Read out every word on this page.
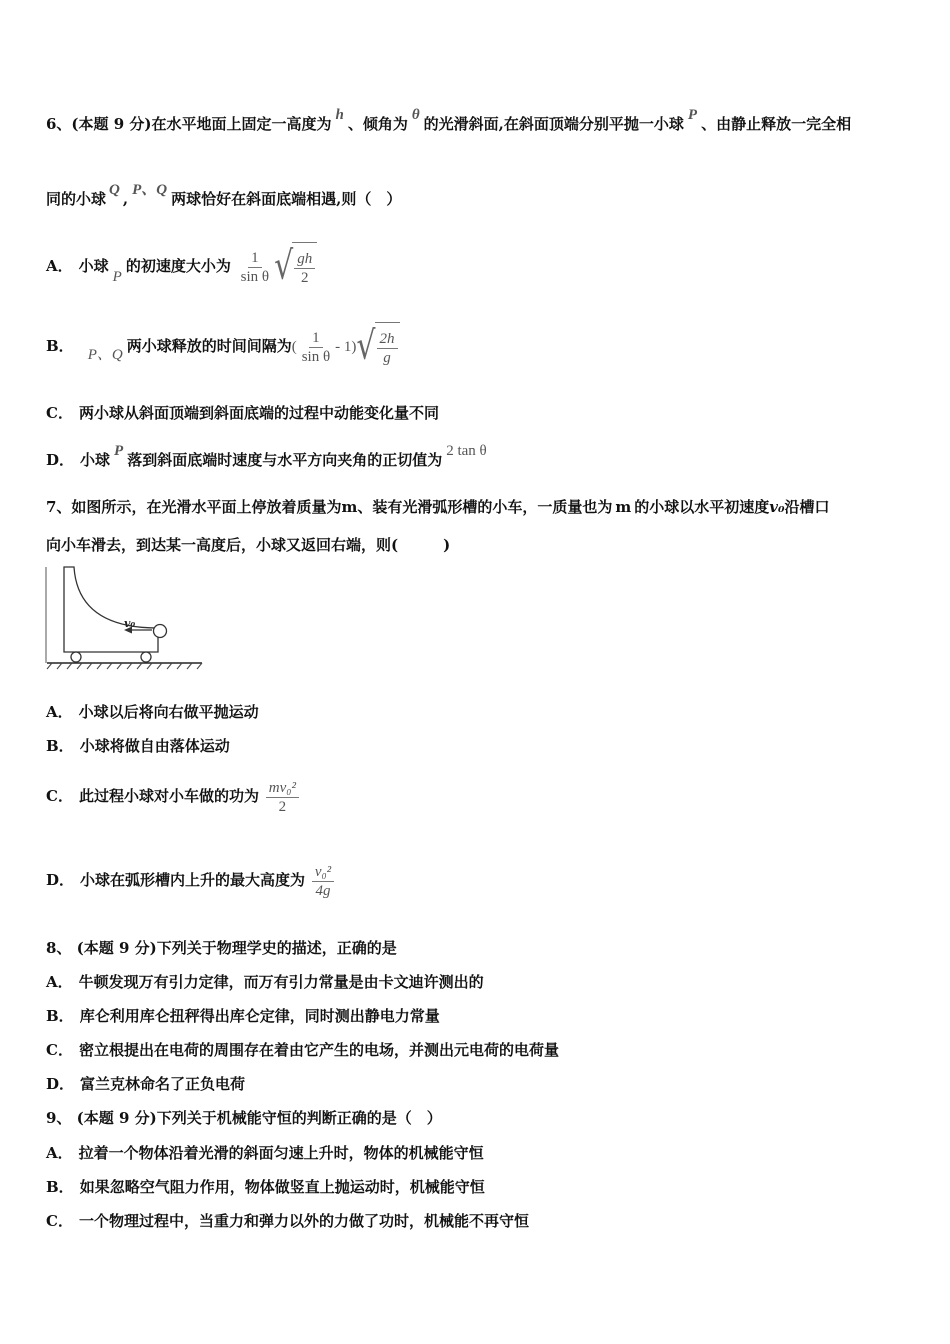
6、(本题 9 分)在水平地面上固定一高度为 h 、倾角为 θ 的光滑斜面,在斜面顶端分别平抛一小球 P 、由静止释放一完全相
同的小球 Q , P、Q 两球恰好在斜面底端相遇,则（　）
A． 小球P的初速度大小为 $\frac{1}{\text{sin θ}}$ √ $\frac{gh}{2}$
B． P、Q 两小球释放的时间间隔为( $\frac{1}{\text{sin θ}} - 1$) √ $\frac{2h}{g}$
C． 两小球从斜面顶端到斜面底端的过程中动能变化量不同
D． 小球 P 落到斜面底端时速度与水平方向夹角的正切值为 2 tan θ
7、如图所示，在光滑水平面上停放着质量为m、装有光滑弧形槽的小车，一质量也为 m 的小球以水平初速度v₀沿槽口
向小车滑去，到达某一高度后，小球又返回右端，则(　　　)
v₀
A． 小球以后将向右做平抛运动
B． 小球将做自由落体运动
C． 此过程小球对小车做的功为 $\frac{\text{mv₀²}}{2}$
D． 小球在弧形槽内上升的最大高度为 $\frac{\text{v₀²}}{4g}$
8、 (本题 9 分)下列关于物理学史的描述，正确的是
A． 牛顿发现万有引力定律，而万有引力常量是由卡文迪许测出的
B． 库仑利用库仑扭秤得出库仑定律，同时测出静电力常量
C． 密立根提出在电荷的周围存在着由它产生的电场，并测出元电荷的电荷量
D． 富兰克林命名了正负电荷
9、 (本题 9 分)下列关于机械能守恒的判断正确的是（　）
A． 拉着一个物体沿着光滑的斜面匀速上升时，物体的机械能守恒
B． 如果忽略空气阻力作用，物体做竖直上抛运动时，机械能守恒
C． 一个物理过程中，当重力和弹力以外的力做了功时，机械能不再守恒
